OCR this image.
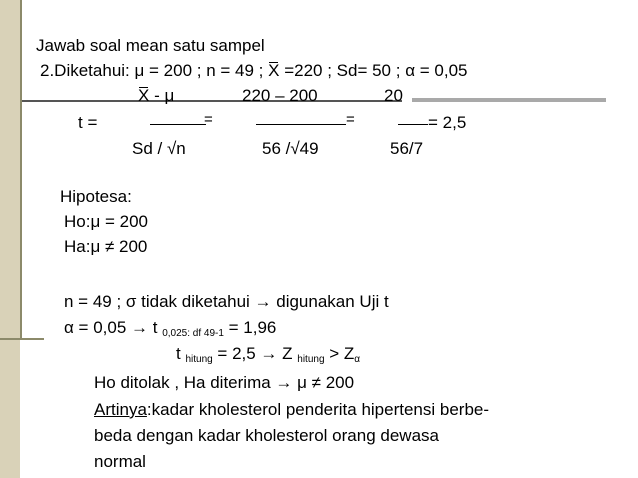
Jawab soal mean satu sampel
2.Diketahui: μ = 200 ; n = 49 ; X =220 ; Sd= 50 ; α = 0,05
X - μ	220 – 200	20
t =	=	=	= 2,5
Sd / √n	56 /√49	56/7
Hipotesa:
Ho:μ = 200
Ha:μ ≠ 200
n = 49 ; σ tidak diketahui → digunakan Uji t
α = 0,05 → t $_{0,025: df 49-1}$ = 1,96
t $_{hitung}$ = 2,5 → Z $_{hitung} > Z_\alpha$
Ho ditolak , Ha diterima → μ ≠ 200
Artinya:kadar kholesterol penderita hipertensi berbe-
beda dengan kadar kholesterol orang dewasa
normal
